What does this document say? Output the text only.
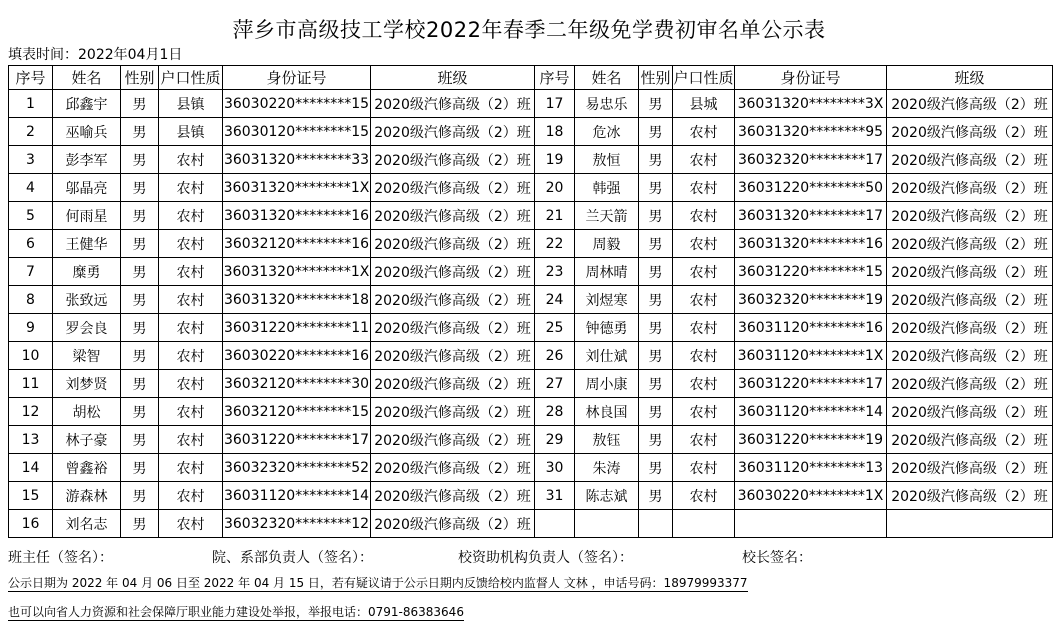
萍乡市高级技工学校2022年春季二年级免学费初审名单公示表
填表时间：2022年04月1日
序号	姓名	性别	户口性质	身份证号	班级	序号	姓名	性别	户口性质	身份证号	班级
1	邱鑫宇	男	县镇	36030220********15	2020级汽修高级（2）班	17	易忠乐	男	县城	36031320********3X	2020级汽修高级（2）班
2	巫喻兵	男	县镇	36030120********15	2020级汽修高级（2）班	18	危冰	男	农村	36031320********95	2020级汽修高级（2）班
3	彭李军	男	农村	36031320********33	2020级汽修高级（2）班	19	敖恒	男	农村	36032320********17	2020级汽修高级（2）班
4	邬晶亮	男	农村	36031320********1X	2020级汽修高级（2）班	20	韩强	男	农村	36031220********50	2020级汽修高级（2）班
5	何雨星	男	农村	36031320********16	2020级汽修高级（2）班	21	兰天箭	男	农村	36031320********17	2020级汽修高级（2）班
6	王健华	男	农村	36032120********16	2020级汽修高级（2）班	22	周毅	男	农村	36031320********16	2020级汽修高级（2）班
7	糜勇	男	农村	36031320********1X	2020级汽修高级（2）班	23	周林晴	男	农村	36031220********15	2020级汽修高级（2）班
8	张致远	男	农村	36031320********18	2020级汽修高级（2）班	24	刘煜寒	男	农村	36032320********19	2020级汽修高级（2）班
9	罗会良	男	农村	36031220********11	2020级汽修高级（2）班	25	钟德勇	男	农村	36031120********16	2020级汽修高级（2）班
10	梁智	男	农村	36030220********16	2020级汽修高级（2）班	26	刘仕斌	男	农村	36031120********1X	2020级汽修高级（2）班
11	刘梦贤	男	农村	36032120********30	2020级汽修高级（2）班	27	周小康	男	农村	36031220********17	2020级汽修高级（2）班
12	胡松	男	农村	36032120********15	2020级汽修高级（2）班	28	林良国	男	农村	36031120********14	2020级汽修高级（2）班
13	林子豪	男	农村	36031220********17	2020级汽修高级（2）班	29	敖钰	男	农村	36031220********19	2020级汽修高级（2）班
14	曾鑫裕	男	农村	36032320********52	2020级汽修高级（2）班	30	朱涛	男	农村	36031120********13	2020级汽修高级（2）班
15	游森林	男	农村	36031120********14	2020级汽修高级（2）班	31	陈志斌	男	农村	36030220********1X	2020级汽修高级（2）班
16	刘名志	男	农村	36032320********12	2020级汽修高级（2）班						
班主任（签名）：	院、系部负责人（签名）：	校资助机构负责人（签名）：	校长签名：
公示日期为 2022 年 04 月 06 日至 2022 年 04 月 15 日，若有疑议请于公示日期内反馈给校内监督人 文林 ，申话号码：18979993377
也可以向省人力资源和社会保障厅职业能力建设处举报，举报电话：0791-86383646
